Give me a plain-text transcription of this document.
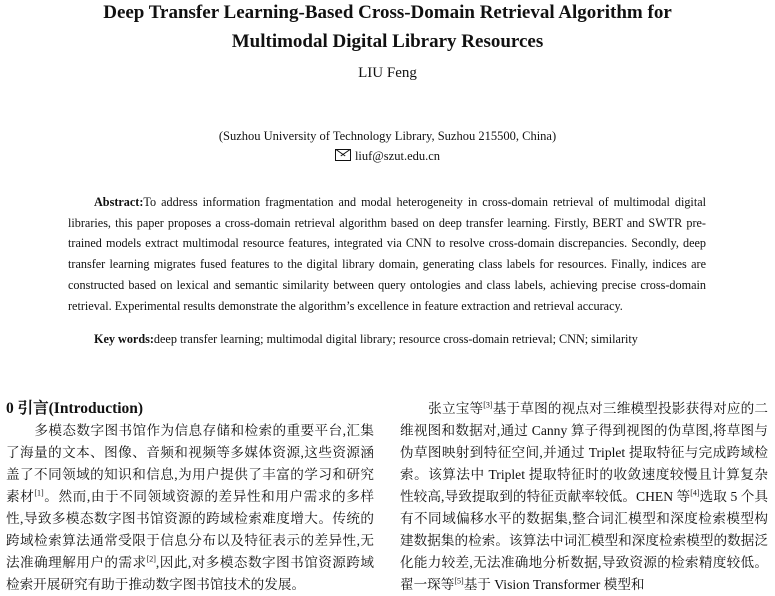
Deep Transfer Learning-Based Cross-Domain Retrieval Algorithm for
Multimodal Digital Library Resources
LIU Feng
(Suzhou University of Technology Library, Suzhou 215500, China)
liuf@szut.edu.cn
Abstract:To address information fragmentation and modal heterogeneity in cross-domain retrieval of multimodal digital libraries, this paper proposes a cross-domain retrieval algorithm based on deep transfer learning. Firstly, BERT and SWTR pre-trained models extract multimodal resource features, integrated via CNN to resolve cross-domain discrepancies. Secondly, deep transfer learning migrates fused features to the digital library domain, generating class labels for resources. Finally, indices are constructed based on lexical and semantic similarity between query ontologies and class labels, achieving precise cross-domain retrieval. Experimental results demonstrate the algorithm’s excellence in feature extraction and retrieval accuracy.
Key words:deep transfer learning; multimodal digital library; resource cross-domain retrieval; CNN; similarity
0 引言(Introduction)
多模态数字图书馆作为信息存储和检索的重要平台,汇集了海量的文本、图像、音频和视频等多媒体资源,这些资源涵盖了不同领域的知识和信息,为用户提供了丰富的学习和研究素材[1]。然而,由于不同领域资源的差异性和用户需求的多样性,导致多模态数字图书馆资源的跨域检索难度增大。传统的跨域检索算法通常受限于信息分布以及特征表示的差异性,无法准确理解用户的需求[2],因此,对多模态数字图书馆资源跨域检索开展研究有助于推动数字图书馆技术的发展。
张立宝等[3]基于草图的视点对三维模型投影获得对应的二维视图和数据对,通过 Canny 算子得到视图的伪草图,将草图与伪草图映射到特征空间,并通过 Triplet 提取特征与完成跨域检索。该算法中 Triplet 提取特征时的收敛速度较慢且计算复杂性较高,导致提取到的特征贡献率较低。CHEN 等[4]选取 5 个具有不同域偏移水平的数据集,整合词汇模型和深度检索模型构建数据集的检索。该算法中词汇模型和深度检索模型的数据泛化能力较差,无法准确地分析数据,导致资源的检索精度较低。翟一琛等[5]基于 Vision Transformer 模型和
